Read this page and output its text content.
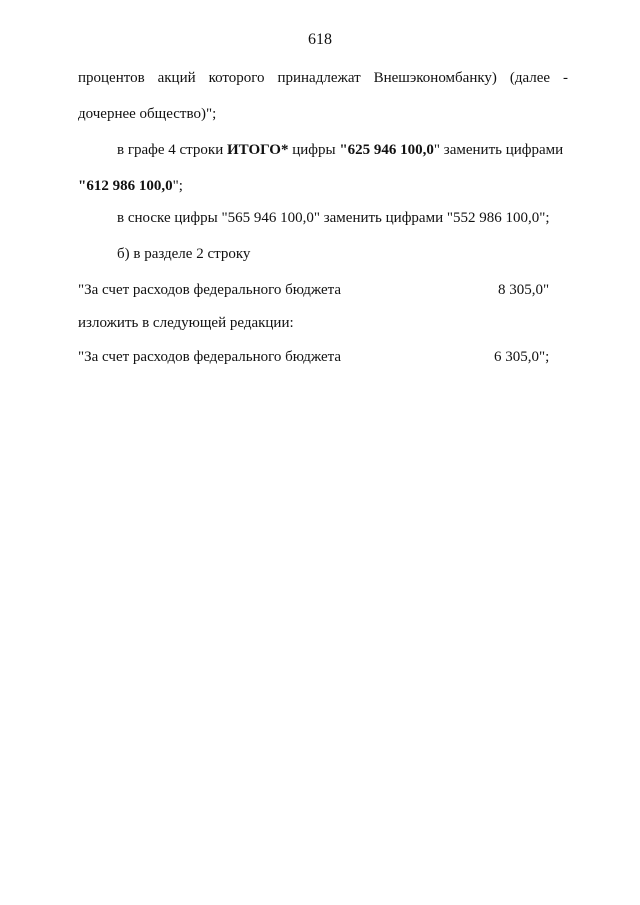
618
процентов акций которого принадлежат Внешэкономбанку) (далее -
дочернее общество)";
в графе 4 строки ИТОГО* цифры "625 946 100,0" заменить цифрами
"612 986 100,0";
в сноске цифры "565 946 100,0" заменить цифрами "552 986 100,0";
б) в разделе 2 строку
"За счет расходов федерального бюджета	8 305,0"
изложить в следующей редакции:
"За счет расходов федерального бюджета	6 305,0";
